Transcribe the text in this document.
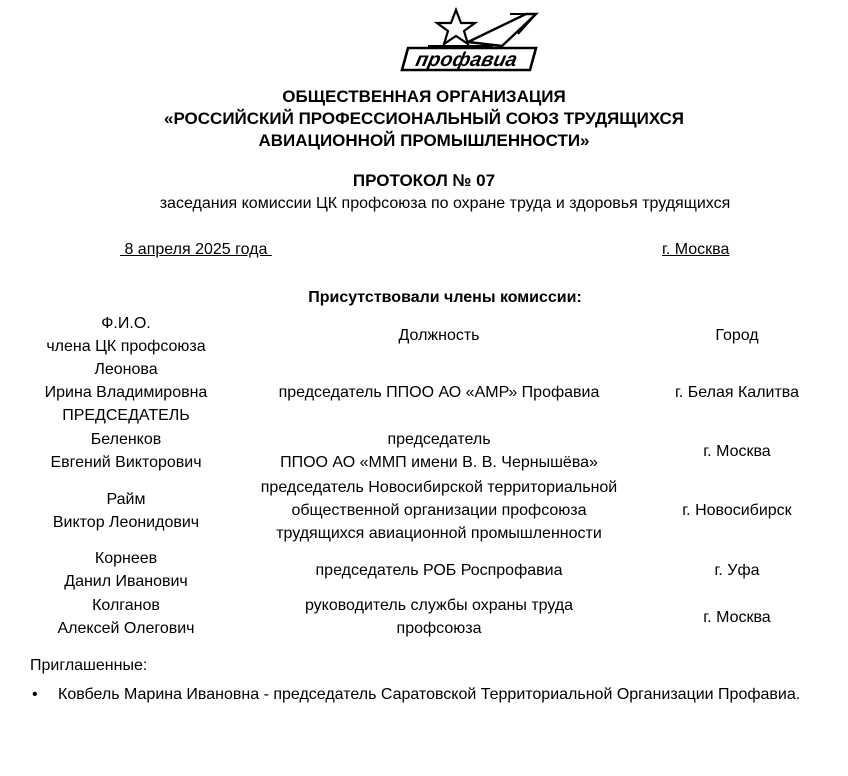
профавиа
ОБЩЕСТВЕННАЯ ОРГАНИЗАЦИЯ
«РОССИЙСКИЙ ПРОФЕССИОНАЛЬНЫЙ СОЮЗ ТРУДЯЩИХСЯ
АВИАЦИОННОЙ ПРОМЫШЛЕННОСТИ»
ПРОТОКОЛ № 07
заседания комиссии ЦК профсоюза по охране труда и здоровья трудящихся
8 апреля 2025 года	г. Москва
Присутствовали члены комиссии:
Ф.И.О.
члена ЦК профсоюза	Должность	Город

Леонова
Ирина Владимировна
ПРЕДСЕДАТЕЛЬ	председатель ППОО АО «АМР» Профавиа	г. Белая Калитва

Беленков
Евгений Викторович	председатель
ППОО АО «ММП имени В. В. Чернышёва»	г. Москва

Райм
Виктор Леонидович	председатель Новосибирской территориальной
общественной организации профсоюза
трудящихся авиационной промышленности	г. Новосибирск

Корнеев
Данил Иванович	председатель РОБ Роспрофавиа	г. Уфа

Колганов
Алексей Олегович	руководитель службы охраны труда
профсоюза	г. Москва
Приглашенные:
• Ковбель Марина Ивановна - председатель Саратовской Территориальной Организации Профавиа.
